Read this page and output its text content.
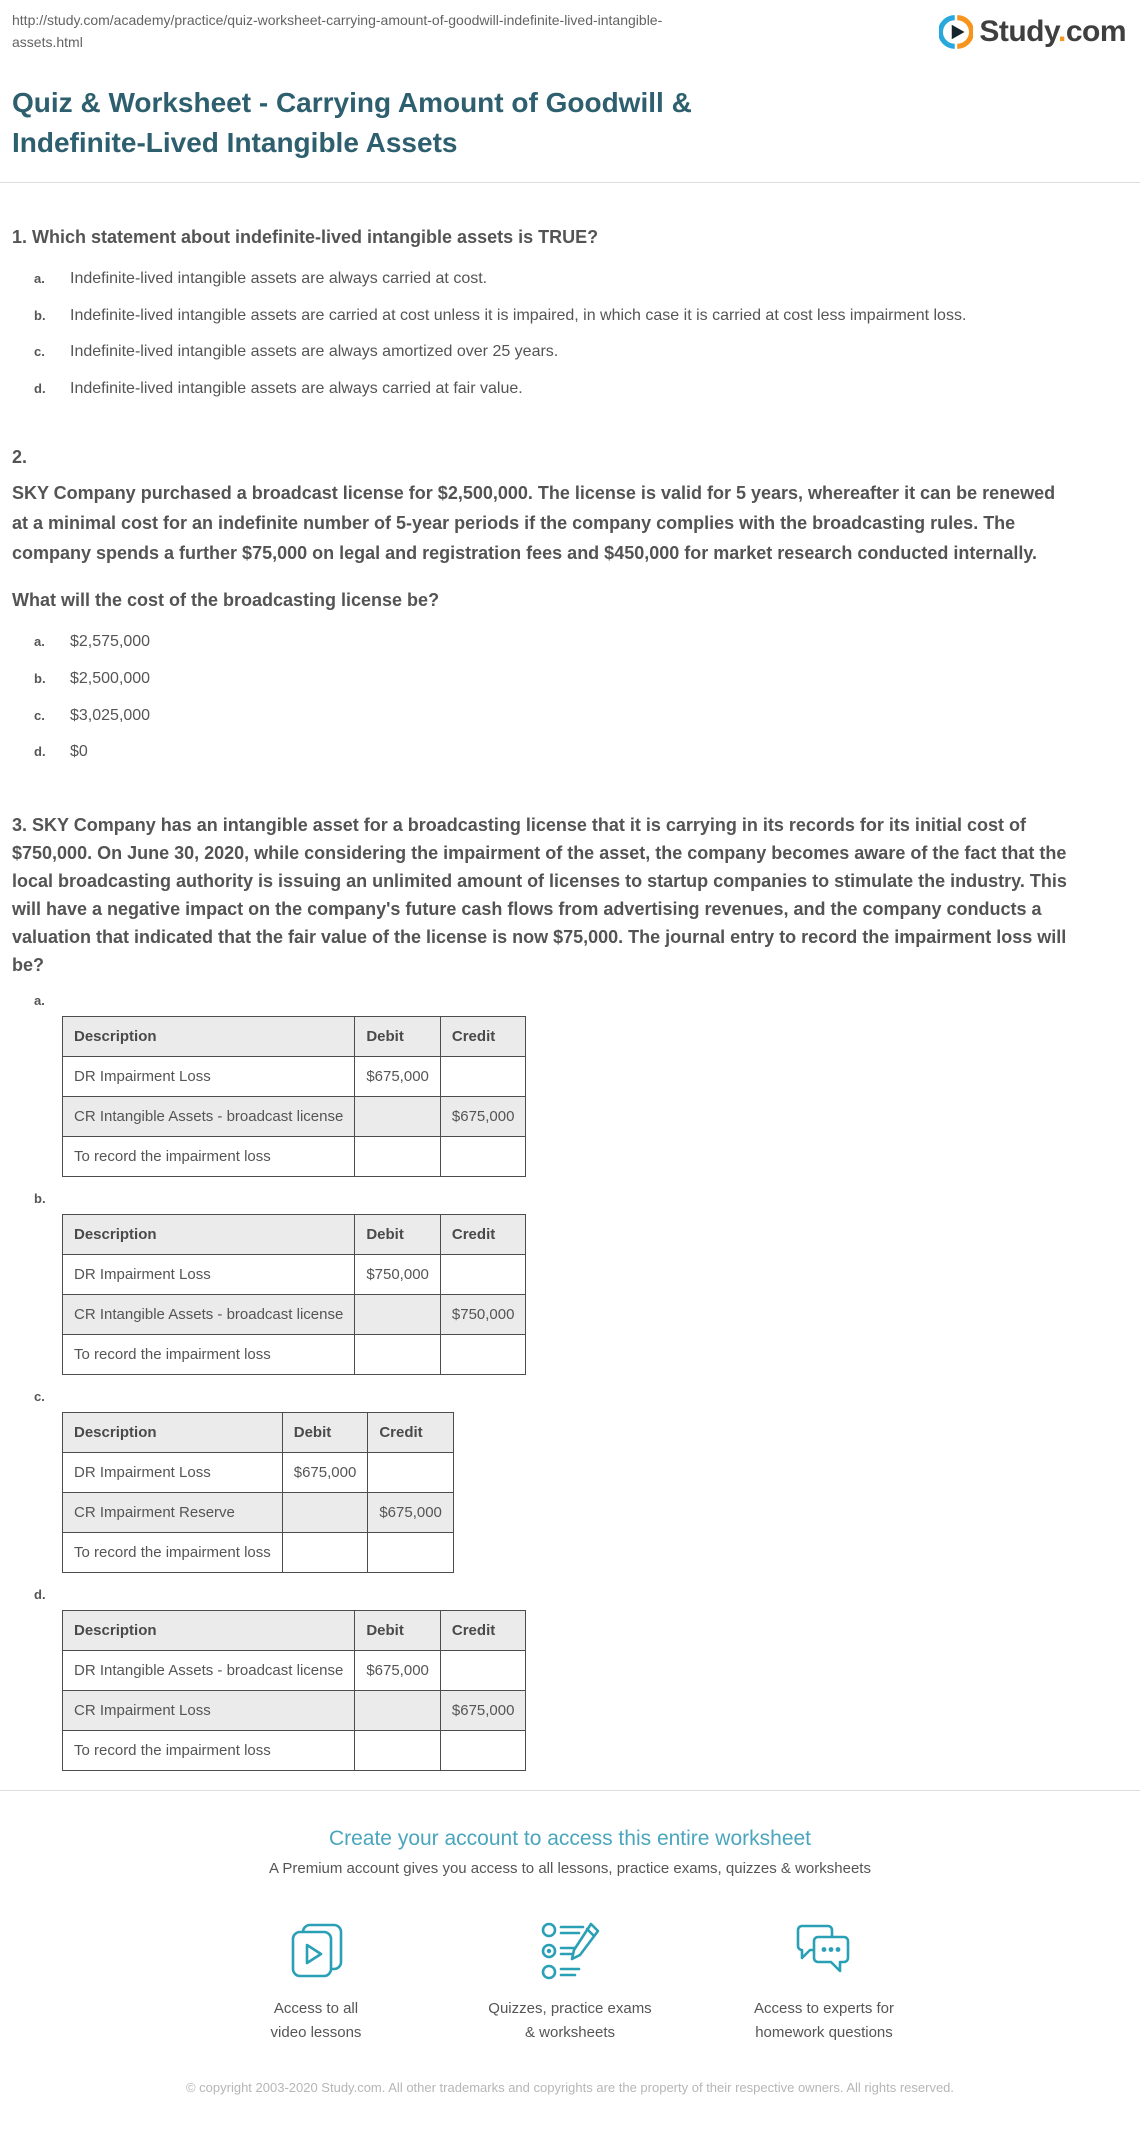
http://study.com/academy/practice/quiz-worksheet-carrying-amount-of-goodwill-indefinite-lived-intangible-
assets.html	Study.com
Quiz & Worksheet - Carrying Amount of Goodwill &
Indefinite-Lived Intangible Assets
1. Which statement about indefinite-lived intangible assets is TRUE?
a.	Indefinite-lived intangible assets are always carried at cost.
b.	Indefinite-lived intangible assets are carried at cost unless it is impaired, in which case it is carried at cost less impairment loss.
c.	Indefinite-lived intangible assets are always amortized over 25 years.
d.	Indefinite-lived intangible assets are always carried at fair value.
2.

SKY Company purchased a broadcast license for $2,500,000. The license is valid for 5 years, whereafter it can be renewed at a minimal cost for an indefinite number of 5-year periods if the company complies with the broadcasting rules. The company spends a further $75,000 on legal and registration fees and $450,000 for market research conducted internally.

What will the cost of the broadcasting license be?

a.	$2,575,000
b.	$2,500,000
c.	$3,025,000
d.	$0

3. SKY Company has an intangible asset for a broadcasting license that it is carrying in its records for its initial cost of $750,000. On June 30, 2020, while considering the impairment of the asset, the company becomes aware of the fact that the local broadcasting authority is issuing an unlimited amount of licenses to startup companies to stimulate the industry. This will have a negative impact on the company's future cash flows from advertising revenues, and the company conducts a valuation that indicated that the fair value of the license is now $75,000. The journal entry to record the impairment loss will be?

a.
Description	Debit	Credit
DR Impairment Loss	$675,000	
CR Intangible Assets - broadcast license		$675,000
To record the impairment loss		
b.
Description	Debit	Credit
DR Impairment Loss	$750,000	
CR Intangible Assets - broadcast license		$750,000
To record the impairment loss		
c.
Description	Debit	Credit
DR Impairment Loss	$675,000	
CR Impairment Reserve		$675,000
To record the impairment loss		
d.
Description	Debit	Credit
DR Intangible Assets - broadcast license	$675,000	
CR Impairment Loss		$675,000
To record the impairment loss		
Create your account to access this entire worksheet

A Premium account gives you access to all lessons, practice exams, quizzes & worksheets

Access to all
video lessons
Quizzes, practice exams
& worksheets
Access to experts for
homework questions

© copyright 2003-2020 Study.com. All other trademarks and copyrights are the property of their respective owners. All rights reserved.
